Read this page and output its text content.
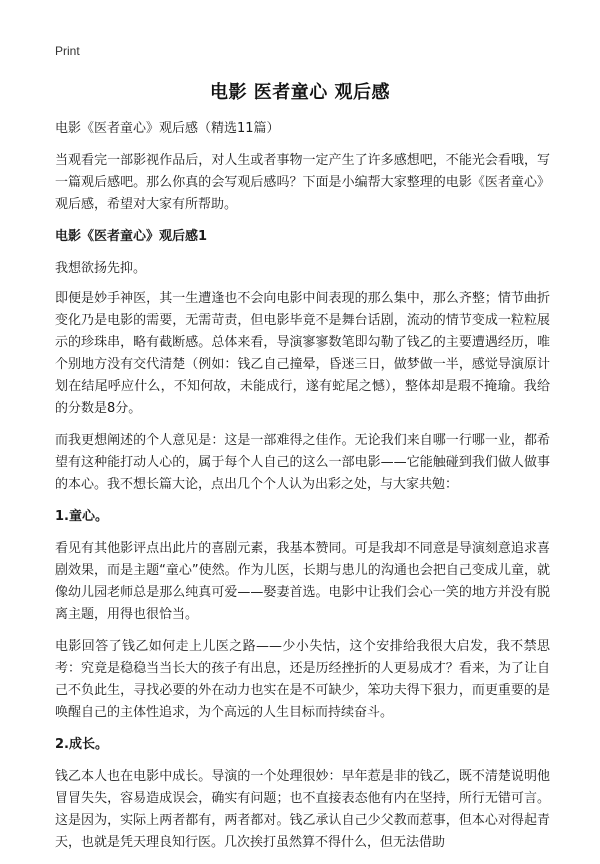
Print
电影 医者童心 观后感
电影《医者童心》观后感（精选11篇）
当观看完一部影视作品后，对人生或者事物一定产生了许多感想吧，不能光会看哦，写一篇观后感吧。那么你真的会写观后感吗？下面是小编帮大家整理的电影《医者童心》观后感，希望对大家有所帮助。
电影《医者童心》观后感1
我想欲扬先抑。
即便是妙手神医，其一生遭逢也不会向电影中间表现的那么集中，那么齐整；情节曲折变化乃是电影的需要，无需苛责，但电影毕竟不是舞台话剧，流动的情节变成一粒粒展示的珍珠串，略有截断感。总体来看，导演寥寥数笔即勾勒了钱乙的主要遭遇经历，唯个别地方没有交代清楚（例如：钱乙自己撞晕，昏迷三日，做梦做一半，感觉导演原计划在结尾呼应什么，不知何故，未能成行，遂有蛇尾之憾），整体却是瑕不掩瑜。我给的分数是8分。
而我更想阐述的个人意见是：这是一部难得之佳作。无论我们来自哪一行哪一业，都希望有这种能打动人心的，属于每个人自己的这么一部电影——它能触碰到我们做人做事的本心。我不想长篇大论，点出几个个人认为出彩之处，与大家共勉：
1.童心。
看见有其他影评点出此片的喜剧元素，我基本赞同。可是我却不同意是导演刻意追求喜剧效果，而是主题“童心”使然。作为儿医，长期与患儿的沟通也会把自己变成儿童，就像幼儿园老师总是那么纯真可爱——娶妻首选。电影中让我们会心一笑的地方并没有脱离主题，用得也很恰当。
电影回答了钱乙如何走上儿医之路——少小失怙，这个安排给我很大启发，我不禁思考：究竟是稳稳当当长大的孩子有出息，还是历经挫折的人更易成才？看来，为了让自己不负此生，寻找必要的外在动力也实在是不可缺少，笨功夫得下狠力，而更重要的是唤醒自己的主体性追求，为个高远的人生目标而持续奋斗。
2.成长。
钱乙本人也在电影中成长。导演的一个处理很妙：早年惹是非的钱乙，既不清楚说明他冒冒失失，容易造成误会，确实有问题；也不直接表态他有内在坚持，所行无错可言。这是因为，实际上两者都有，两者都对。钱乙承认自己少父教而惹事，但本心对得起青天，也就是凭天理良知行医。几次挨打虽然算不得什么，但无法借助
